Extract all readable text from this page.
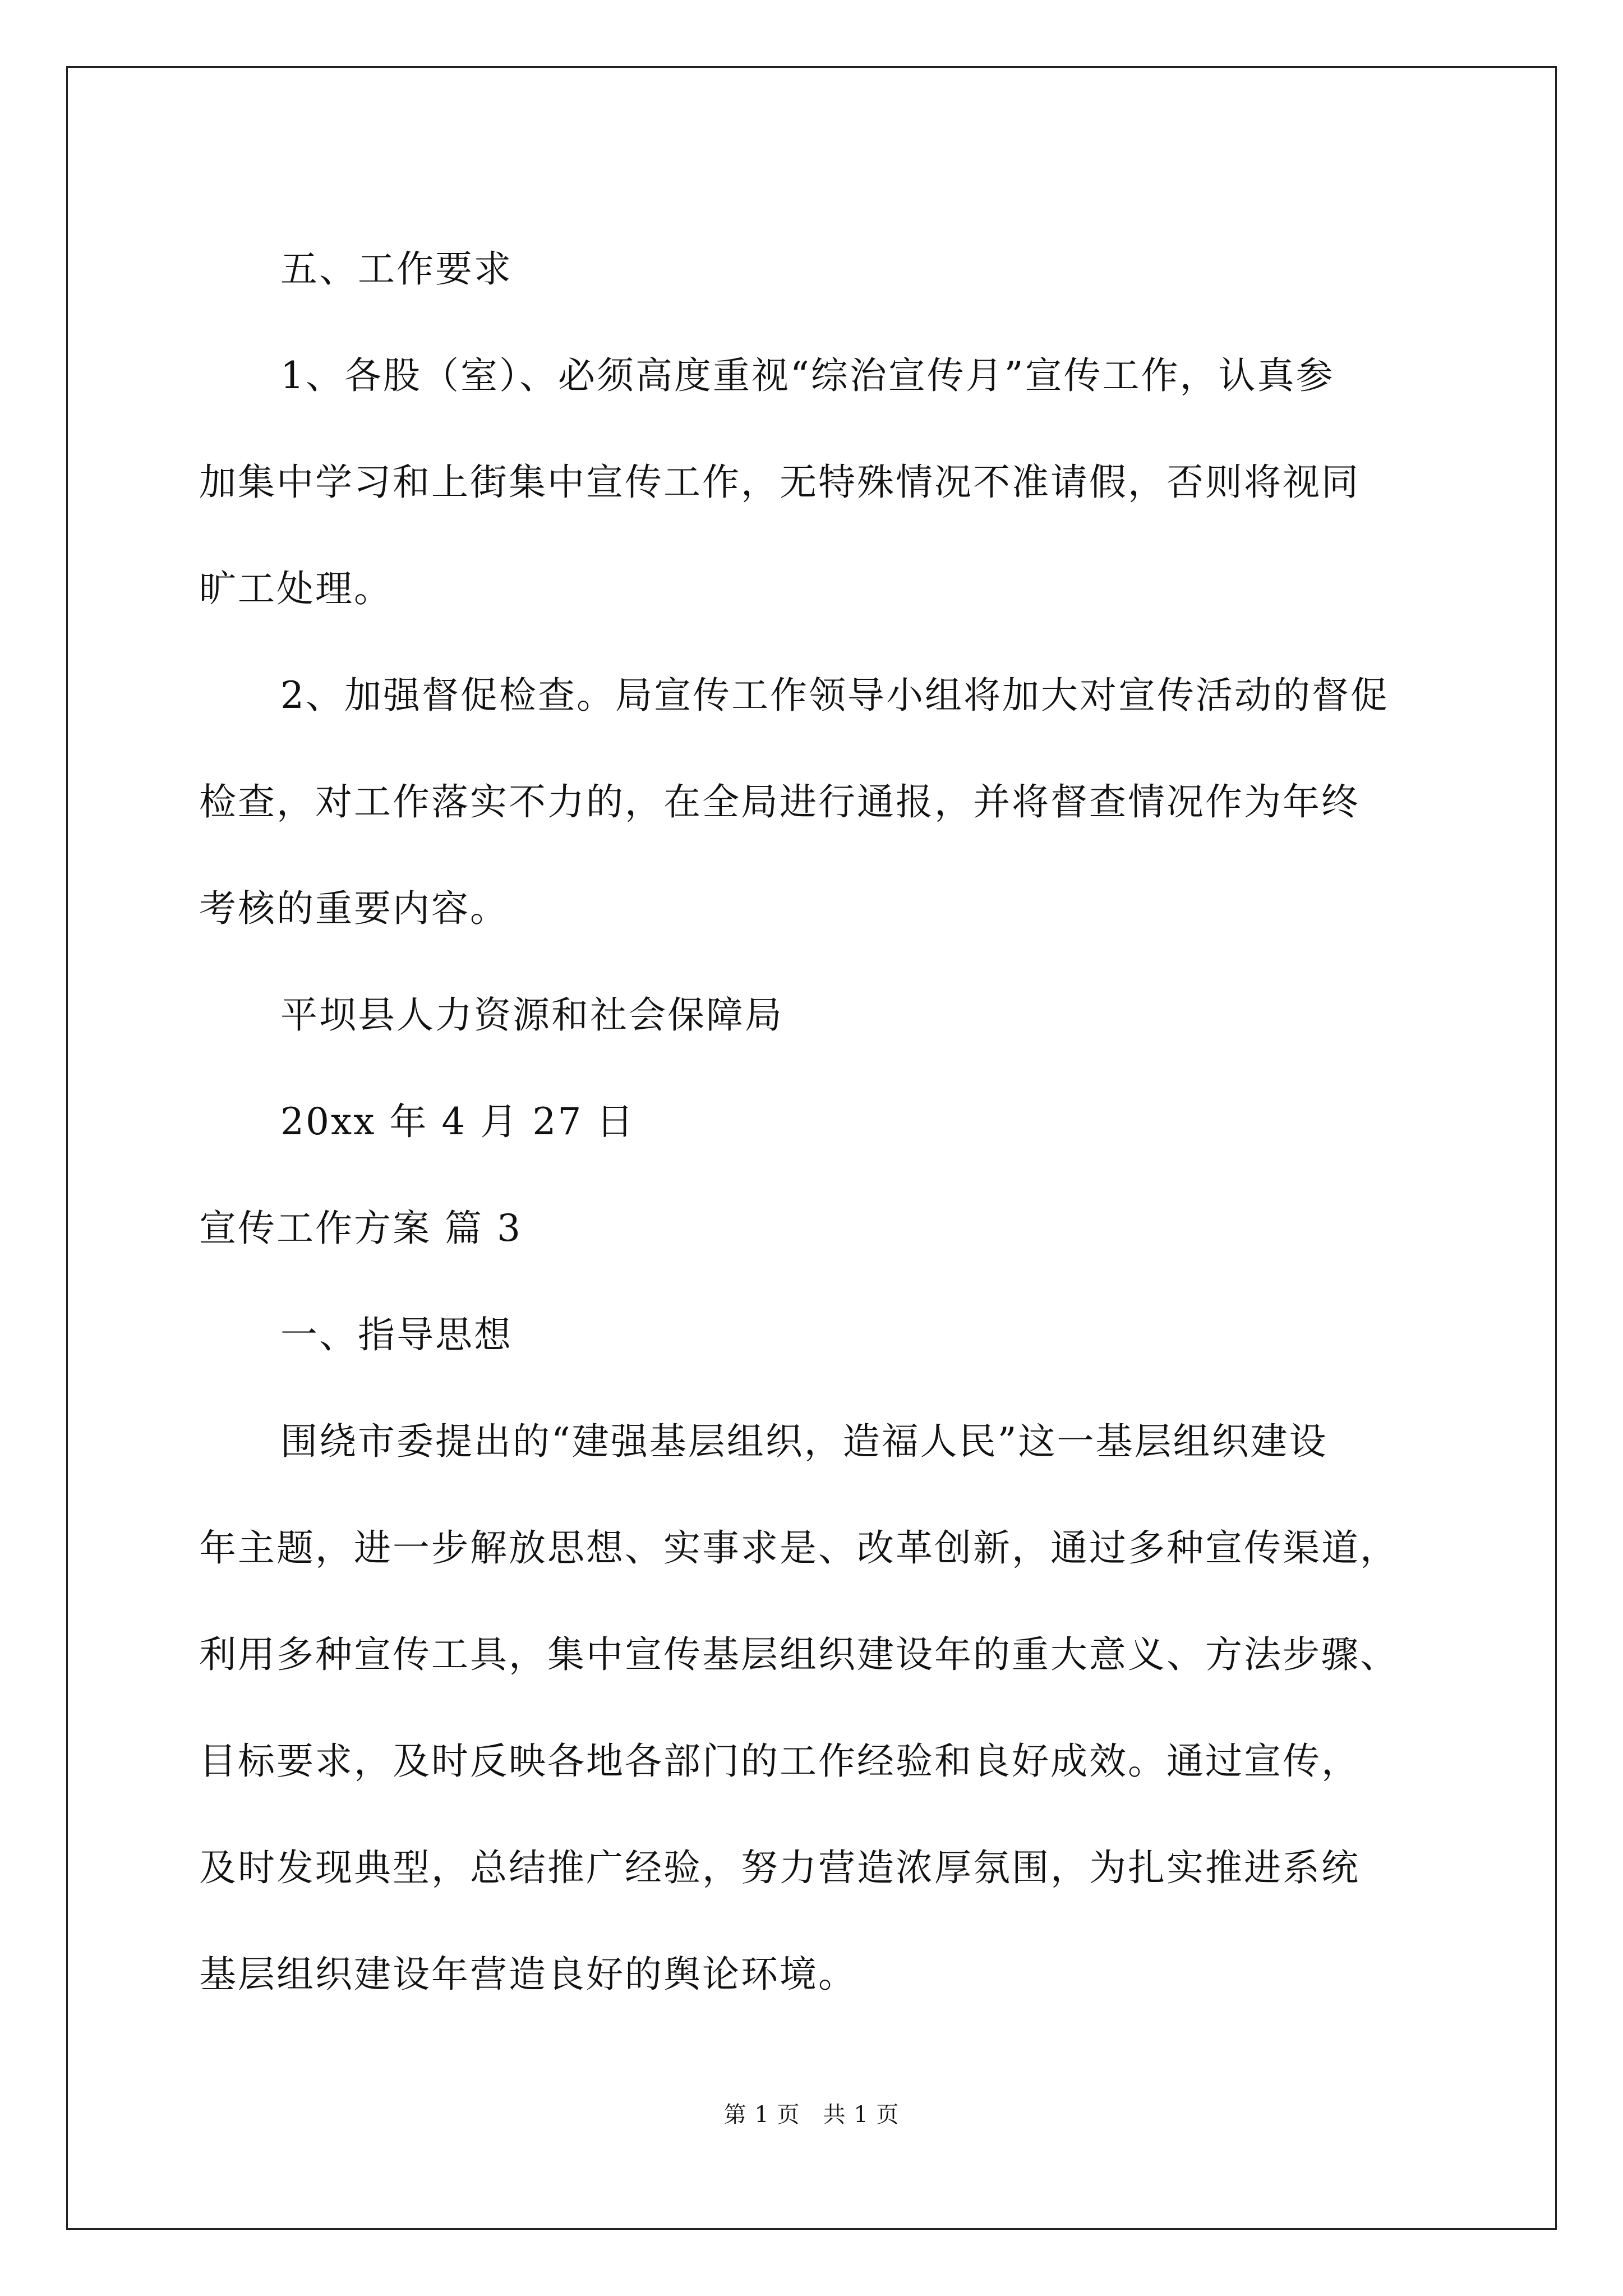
五、工作要求
1、各股（室）、必须高度重视“综治宣传月”宣传工作，认真参
加集中学习和上街集中宣传工作，无特殊情况不准请假，否则将视同
旷工处理。
2、加强督促检查。局宣传工作领导小组将加大对宣传活动的督促
检查，对工作落实不力的，在全局进行通报，并将督查情况作为年终
考核的重要内容。
平坝县人力资源和社会保障局
20xx 年 4 月 27 日
宣传工作方案 篇 3
一、指导思想
围绕市委提出的“建强基层组织，造福人民”这一基层组织建设
年主题，进一步解放思想、实事求是、改革创新，通过多种宣传渠道，
利用多种宣传工具，集中宣传基层组织建设年的重大意义、方法步骤、
目标要求，及时反映各地各部门的工作经验和良好成效。通过宣传，
及时发现典型，总结推广经验，努力营造浓厚氛围，为扎实推进系统
基层组织建设年营造良好的舆论环境。
第 1 页　共 1 页
